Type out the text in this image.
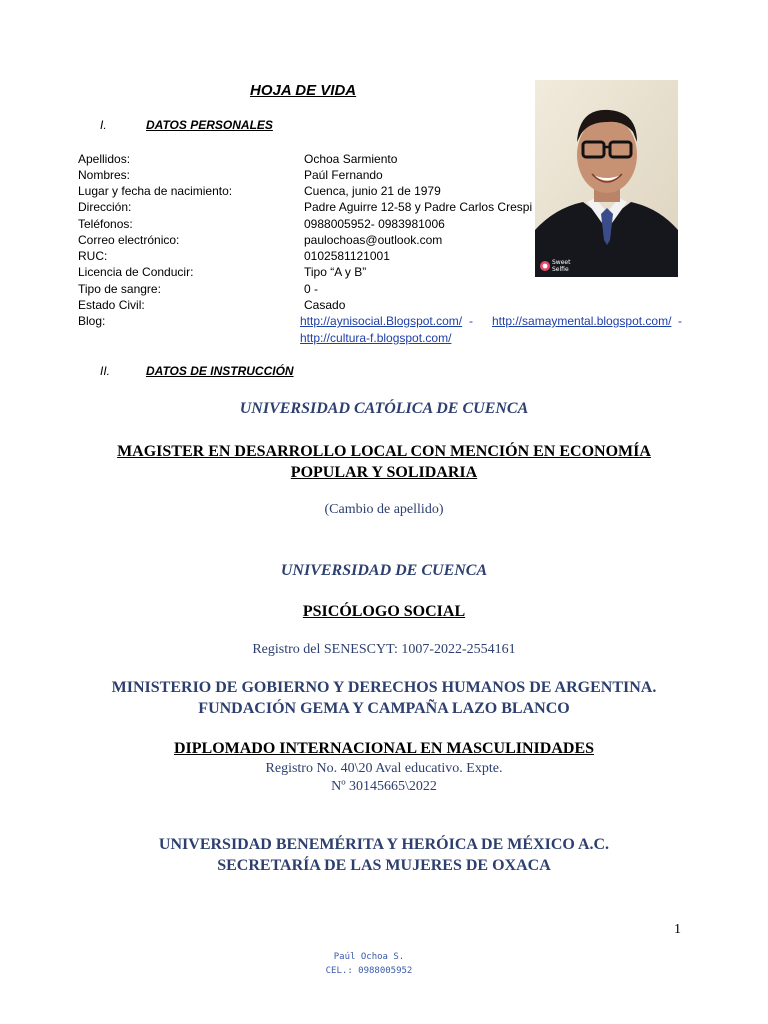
HOJA DE VIDA
I.	DATOS PERSONALES
Apellidos:	Ochoa Sarmiento
Nombres:	Paúl Fernando
Lugar y fecha de nacimiento:	Cuenca, junio 21 de 1979
Dirección:	Padre Aguirre 12-58 y Padre Carlos Crespi
Teléfonos:	0988005952- 0983981006
Correo electrónico:	paulochoas@outlook.com
RUC:	0102581121001
Licencia de Conducir:	Tipo “A y B”
Tipo de sangre:	0 -
Estado Civil:	Casado
Blog:	http://aynisocial.Blogspot.com/ - http://samaymental.blogspot.com/ -
http://cultura-f.blogspot.com/
Sweet
Selfie
II.	DATOS DE INSTRUCCIÓN
UNIVERSIDAD CATÓLICA DE CUENCA
MAGISTER EN DESARROLLO LOCAL CON MENCIÓN EN ECONOMÍA
POPULAR Y SOLIDARIA
(Cambio de apellido)
UNIVERSIDAD DE CUENCA
PSICÓLOGO SOCIAL
Registro del SENESCYT: 1007-2022-2554161
MINISTERIO DE GOBIERNO Y DERECHOS HUMANOS DE ARGENTINA.
FUNDACIÓN GEMA Y CAMPAÑA LAZO BLANCO
DIPLOMADO INTERNACIONAL EN MASCULINIDADES
Registro No. 40\20 Aval educativo. Expte.
Nº 30145665\2022
UNIVERSIDAD BENEMÉRITA Y HERÓICA DE MÉXICO A.C.
SECRETARÍA DE LAS MUJERES DE OXACA
1
Paúl Ochoa S.
CEL.: 0988005952
